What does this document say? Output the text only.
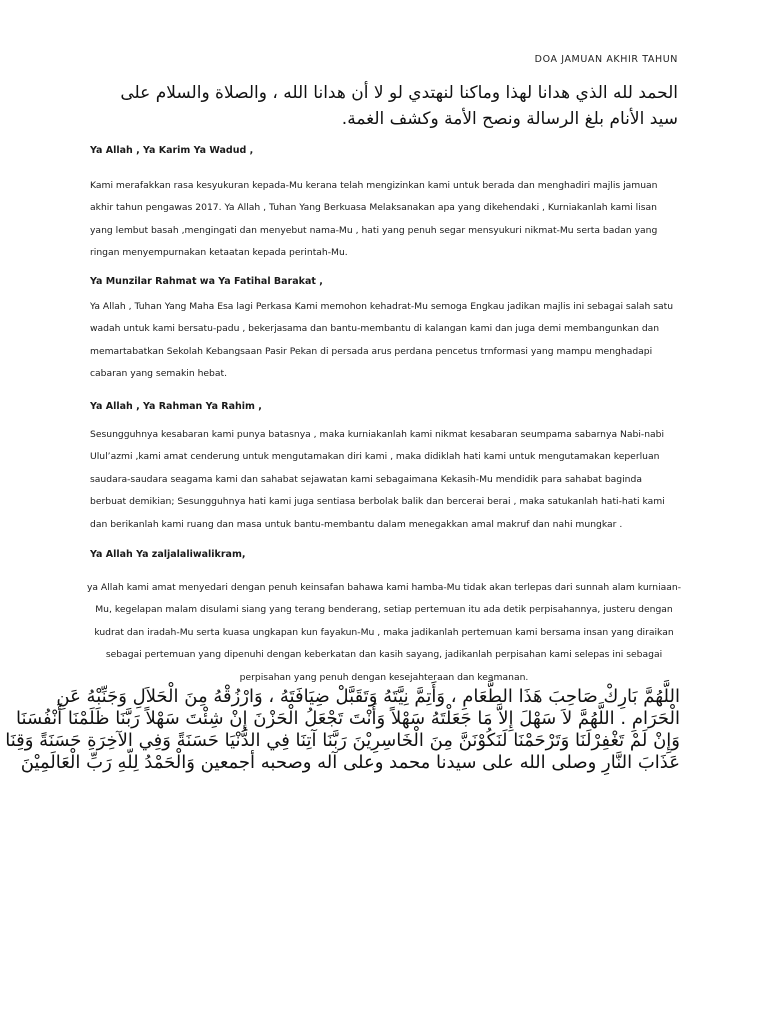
DOA JAMUAN AKHIR TAHUN
الحمد لله الذي هدانا لهذا وماكنا لنهتدي لو لا أن هدانا الله ، والصلاة والسلام على سيد الأنام بلغ الرسالة ونصح الأمة وكشف الغمة.
Ya Allah , Ya Karim Ya Wadud ,
Kami merafakkan rasa kesyukuran kepada-Mu kerana telah mengizinkan kami untuk berada dan menghadiri majlis jamuan akhir tahun pengawas 2017. Ya Allah , Tuhan Yang Berkuasa Melaksanakan apa yang dikehendaki , Kurniakanlah kami lisan yang lembut basah ,mengingati dan menyebut nama-Mu , hati yang penuh segar mensyukuri nikmat-Mu serta badan yang ringan menyempurnakan ketaatan kepada perintah-Mu.
Ya Munzilar Rahmat wa Ya Fatihal Barakat ,
Ya Allah , Tuhan Yang Maha Esa lagi Perkasa Kami memohon kehadrat-Mu semoga Engkau jadikan majlis ini sebagai salah satu wadah untuk kami bersatu-padu , bekerjasama dan bantu-membantu di kalangan kami dan juga demi membangunkan dan memartabatkan Sekolah Kebangsaan Pasir Pekan di persada arus perdana pencetus trnformasi yang mampu menghadapi cabaran yang semakin hebat.
Ya Allah , Ya Rahman Ya Rahim ,
Sesungguhnya kesabaran kami punya batasnya , maka kurniakanlah kami nikmat kesabaran seumpama sabarnya Nabi-nabi Ulul’azmi ,kami amat cenderung untuk mengutamakan diri kami , maka didiklah hati kami untuk mengutamakan keperluan saudara-saudara seagama kami dan sahabat sejawatan kami sebagaimana Kekasih-Mu mendidik para sahabat baginda berbuat demikian; Sesungguhnya hati kami juga sentiasa berbolak balik dan bercerai berai , maka satukanlah hati-hati kami dan berikanlah kami ruang dan masa untuk bantu-membantu dalam menegakkan amal makruf dan nahi mungkar .
Ya Allah Ya zaljalaliwalikram,
ya Allah kami amat menyedari dengan penuh keinsafan bahawa kami hamba-Mu tidak akan terlepas dari sunnah alam kurniaan-Mu, kegelapan malam disulami siang yang terang benderang, setiap pertemuan itu ada detik perpisahannya, justeru dengan kudrat dan iradah-Mu serta kuasa ungkapan kun fayakun-Mu , maka jadikanlah pertemuan kami bersama insan yang diraikan sebagai pertemuan yang dipenuhi dengan keberkatan dan kasih sayang, jadikanlah perpisahan kami selepas ini sebagai perpisahan yang penuh dengan kesejahteraan dan keamanan.
اللَّهُمَّ بَارِكْ صَاحِبَ هَذَا الطَّعَامِ ، وَأَتِمَّ نِيَّتَهُ وَتَقَبَّلْ ضِيَافَتَهُ ، وَارْزُقْهُ مِنَ الْحَلاَلِ وَجَنِّبْهُ عَنِ
الْحَرَامِ . اللَّهُمَّ لاَ سَهْلَ إِلاَّ مَا جَعَلْتَهُ سَهْلاً وَأَنْتَ تَجْعَلُ الْحَزْنَ إِنْ شِئْتَ سَهْلاً رَبَّنَا ظَلَمْنَا أَنْفُسَنَا
وَإِنْ لَمْ تَغْفِرْلَنَا وَتَرْحَمْنَا لَنَكُوْنَنَّ مِنَ الْخَاسِرِيْنَ رَبَّنَا آتِنَا فِي الدُّنْيَا حَسَنَةً وَفِي الآخِرَةِ حَسَنَةً وَقِنَا
عَذَابَ النَّارِ وصلى الله على سيدنا محمد وعلى آله وصحبه أجمعين وَالْحَمْدُ لِلّهِ رَبِّ الْعَالَمِيْنَ
